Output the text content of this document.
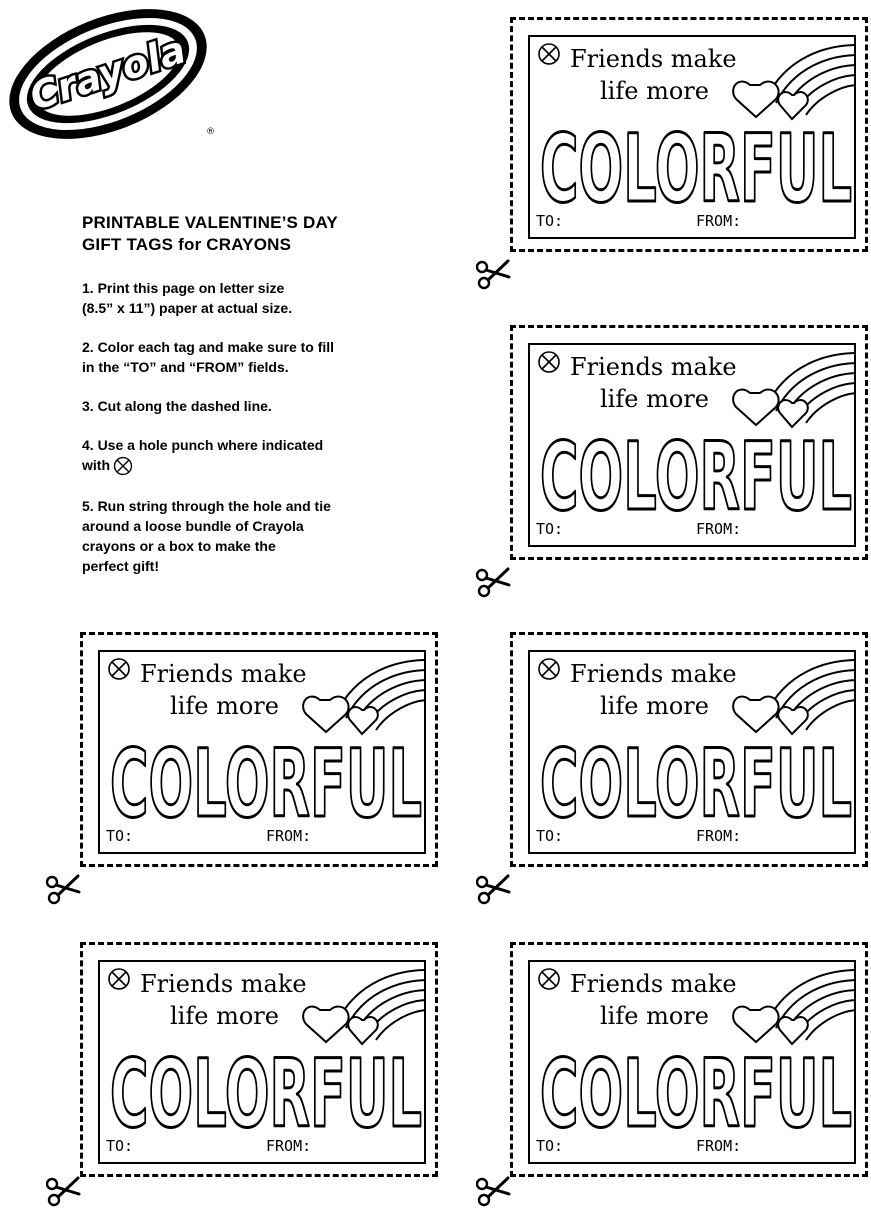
Crayola
®
PRINTABLE VALENTINE’S DAY
GIFT TAGS for CRAYONS
1. Print this page on letter size
(8.5” x 11”) paper at actual size.
2. Color each tag and make sure to fill
in the “TO” and “FROM” fields.
3. Cut along the dashed line.
4. Use a hole punch where indicated
with
5. Run string through the hole and tie
around a loose bundle of Crayola
crayons or a box to make the
perfect gift!
Friends make
life more
TO:	FROM:
Friends make
life more
TO:	FROM:
Friends make
life more
TO:	FROM:
Friends make
life more
TO:	FROM:
Friends make
life more
TO:	FROM:
Friends make
life more
TO:	FROM:
